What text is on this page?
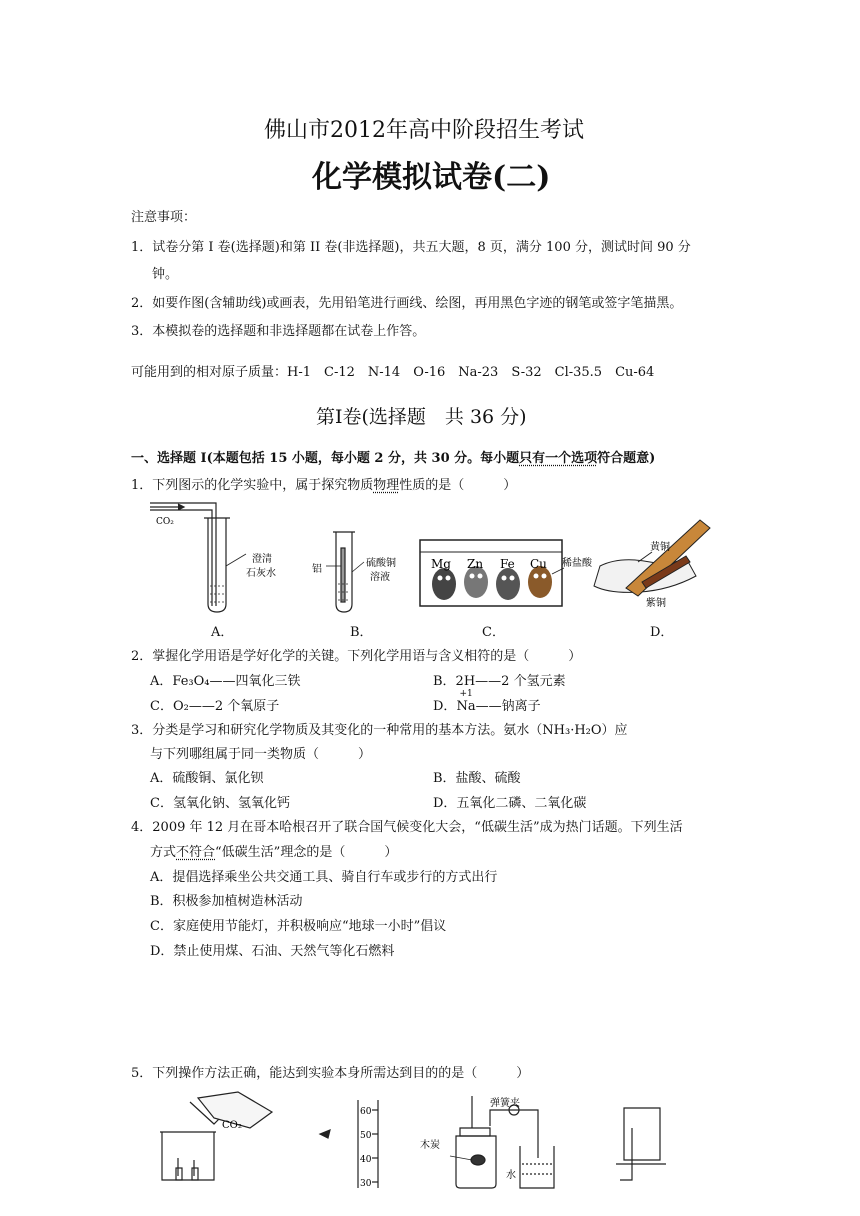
佛山市2012年高中阶段招生考试
化学模拟试卷(二)
注意事项：
1．试卷分第 I 卷(选择题)和第 II 卷(非选择题)，共五大题，8 页，满分 100 分，测试时间 90 分
钟。
2．如要作图(含辅助线)或画表，先用铅笔进行画线、绘图，再用黑色字迹的钢笔或签字笔描黑。
3．本模拟卷的选择题和非选择题都在试卷上作答。
可能用到的相对原子质量：H-1　C-12　N-14　O-16　Na-23　S-32　Cl-35.5　Cu-64
第Ⅰ卷(选择题　共 36 分)
一、选择题 I(本题包括 15 小题，每小题 2 分，共 30 分。每小题只有一个选项符合题意)
1．下列图示的化学实验中，属于探究物质物理性质的是（　　　）
CO₂
澄清
石灰水	铝
硫酸铜
溶液
Mg Zn Fe Cu 稀盐酸
黄铜
紫铜
A．	B．	C．	D．
2．掌握化学用语是学好化学的关键。下列化学用语与含义相符的是（　　　）
A．Fe₃O₄——四氧化三铁	B．2H——2 个氢元素
C．O₂——2 个氧原子	D．
+1
Na——钠离子
3．分类是学习和研究化学物质及其变化的一种常用的基本方法。氨水（NH₃·H₂O）应
与下列哪组属于同一类物质（　　　）
A．硫酸铜、氯化钡	B．盐酸、硫酸
C．氢氧化钠、氢氧化钙	D．五氧化二磷、二氧化碳
4．2009 年 12 月在哥本哈根召开了联合国气候变化大会，“低碳生活”成为热门话题。下列生活
方式不符合“低碳生活”理念的是（　　　）
A．提倡选择乘坐公共交通工具、骑自行车或步行的方式出行
B．积极参加植树造林活动
C．家庭使用节能灯，并积极响应“地球一小时”倡议
D．禁止使用煤、石油、天然气等化石燃料
5．下列操作方法正确，能达到实验本身所需达到目的的是（　　　）
CO₂
60
50
40
30
弹簧夹
木炭
水
